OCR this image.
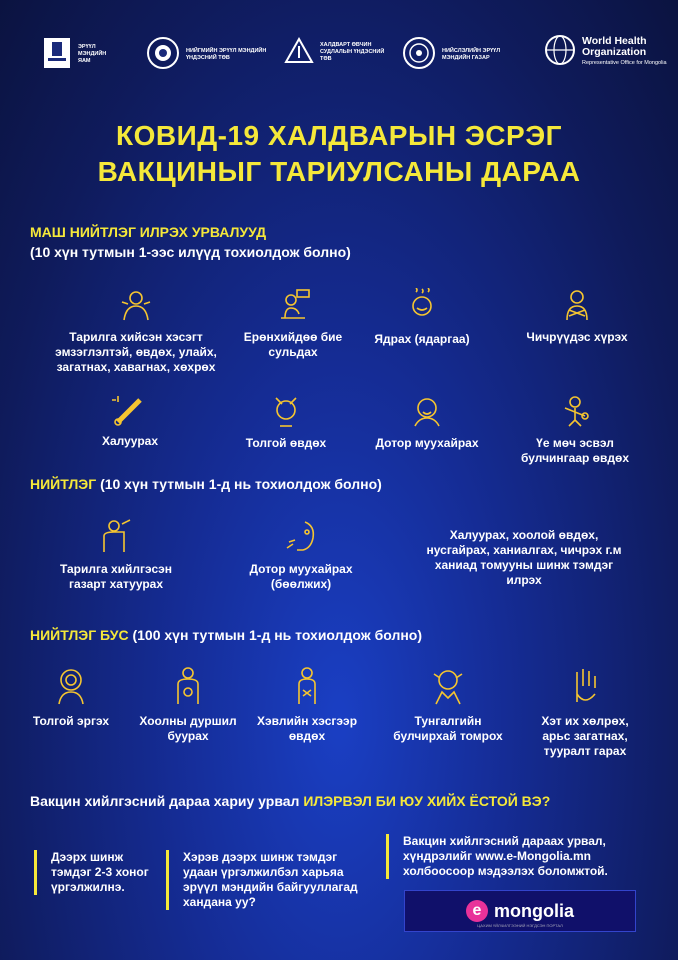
ЭРҮҮЛ МЭНДИЙН ЯАМ
НИЙГМИЙН ЭРҮҮЛ МЭНДИЙН ҮНДЭСНИЙ ТӨВ
ХАЛДВАРТ ӨВЧИН СУДЛАЛЫН ҮНДЭСНИЙ ТӨВ
НИЙСЛЭЛИЙН ЭРҮҮЛ МЭНДИЙН ГАЗАР
World Health Organization
Representative Office for Mongolia
КОВИД-19 ХАЛДВАРЫН ЭСРЭГ
ВАКЦИНЫГ ТАРИУЛСАНЫ ДАРАА
МАШ НИЙТЛЭГ ИЛРЭХ УРВАЛУУД
(10 хүн тутмын 1-ээс илүүд тохиолдож болно)
Тарилга хийсэн хэсэгт эмзэглэлтэй, өвдөх, улайх, загатнах, хавагнах, хөхрөх
Ерөнхийдөө бие сульдах
Ядрах (ядаргаа)	Чичрүүдэс хүрэх
Халуурах	Толгой өвдөх	Дотор муухайрах	Үе мөч эсвэл булчингаар өвдөх
НИЙТЛЭГ (10 хүн тутмын 1-д нь тохиолдож болно)
Тарилга хийлгэсэн газарт хатуурах
Дотор муухайрах (бөөлжих)
Халуурах, хоолой өвдөх, нусгайрах, ханиалгах, чичрэх г.м ханиад томууны шинж тэмдэг илрэх
НИЙТЛЭГ БУС (100 хүн тутмын 1-д нь тохиолдож болно)
Толгой эргэх	Хоолны дуршил буурах
Хэвлийн хэсгээр өвдөх
Тунгалгийн булчирхай томрох
Хэт их хөлрөх, арьс загатнах, тууралт гарах
Вакцин хийлгэсний дараа хариу урвал ИЛЭРВЭЛ БИ ЮУ ХИЙХ ЁСТОЙ ВЭ?
Дээрх шинж тэмдэг 2-3 хоног үргэлжилнэ.
Хэрэв дээрх шинж тэмдэг удаан үргэлжилбэл харьяа эрүүл мэндийн байгууллагад хандана уу?
Вакцин хийлгэсний дараах урвал, хүндрэлийг www.e-Mongolia.mn холбоосоор мэдээлэх боломжтой.
e mongolia
ЦАХИМ ҮЙЛЧИЛГЭЭНИЙ НЭГДСЭН ПОРТАЛ
